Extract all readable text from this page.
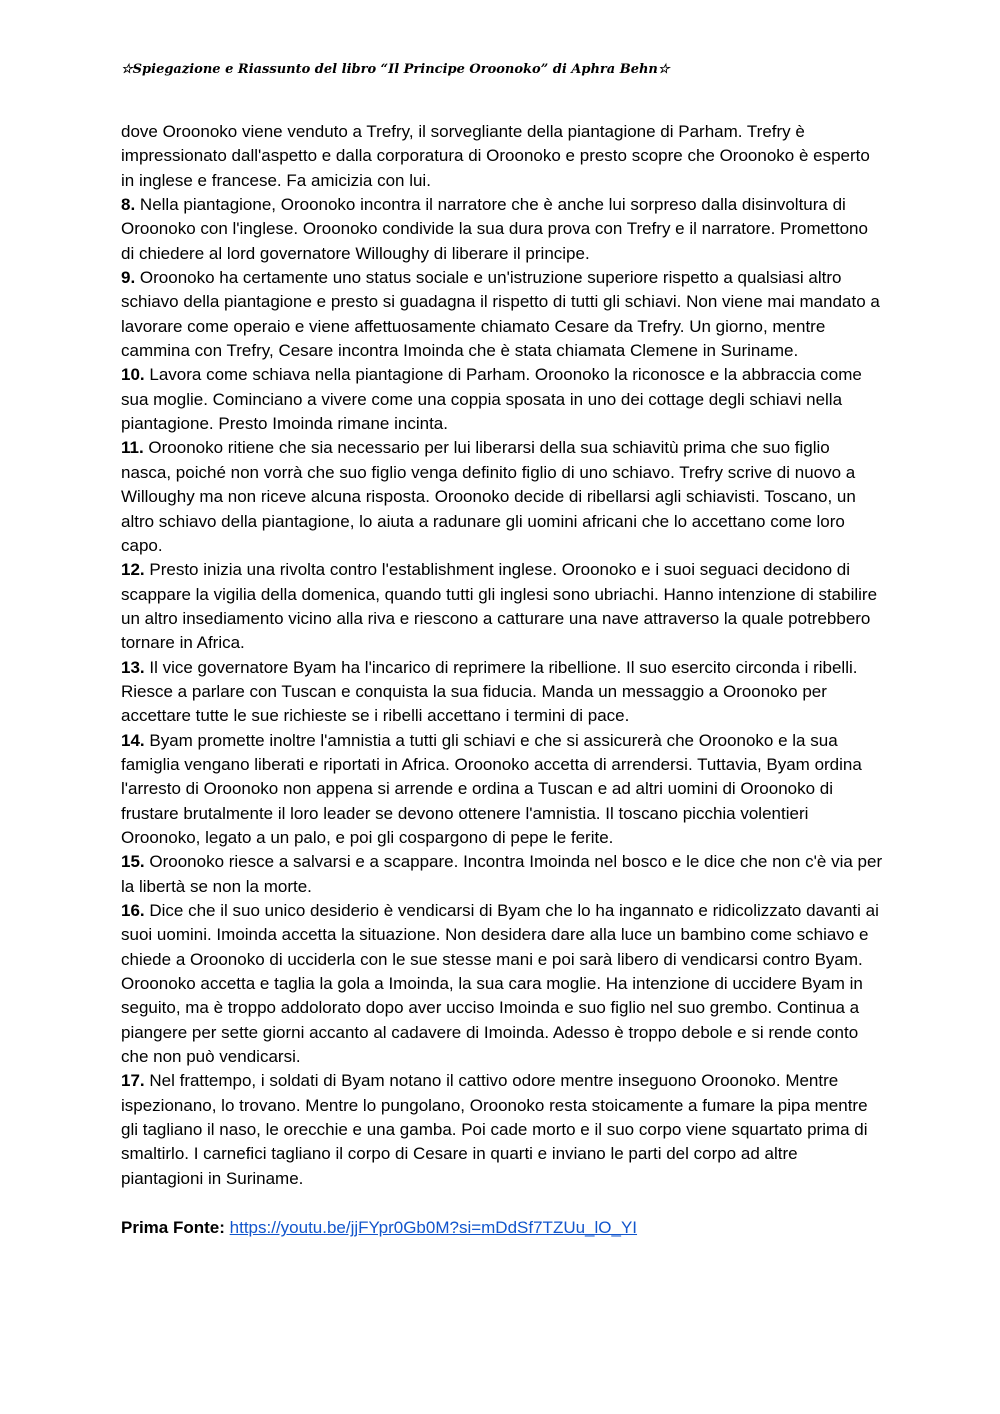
☆Spiegazione e Riassunto del libro “Il Principe Oroonoko” di Aphra Behn☆

dove Oroonoko viene venduto a Trefry, il sorvegliante della piantagione di Parham. Trefry è impressionato dall'aspetto e dalla corporatura di Oroonoko e presto scopre che Oroonoko è esperto in inglese e francese. Fa amicizia con lui.

8. Nella piantagione, Oroonoko incontra il narratore che è anche lui sorpreso dalla disinvoltura di Oroonoko con l'inglese. Oroonoko condivide la sua dura prova con Trefry e il narratore. Promettono di chiedere al lord governatore Willoughy di liberare il principe.

9. Oroonoko ha certamente uno status sociale e un'istruzione superiore rispetto a qualsiasi altro schiavo della piantagione e presto si guadagna il rispetto di tutti gli schiavi. Non viene mai mandato a lavorare come operaio e viene affettuosamente chiamato Cesare da Trefry. Un giorno, mentre cammina con Trefry, Cesare incontra Imoinda che è stata chiamata Clemene in Suriname.

10. Lavora come schiava nella piantagione di Parham. Oroonoko la riconosce e la abbraccia come sua moglie. Cominciano a vivere come una coppia sposata in uno dei cottage degli schiavi nella piantagione. Presto Imoinda rimane incinta.

11. Oroonoko ritiene che sia necessario per lui liberarsi della sua schiavitù prima che suo figlio nasca, poiché non vorrà che suo figlio venga definito figlio di uno schiavo. Trefry scrive di nuovo a Willoughy ma non riceve alcuna risposta. Oroonoko decide di ribellarsi agli schiavisti. Toscano, un altro schiavo della piantagione, lo aiuta a radunare gli uomini africani che lo accettano come loro capo.

12. Presto inizia una rivolta contro l'establishment inglese. Oroonoko e i suoi seguaci decidono di scappare la vigilia della domenica, quando tutti gli inglesi sono ubriachi. Hanno intenzione di stabilire un altro insediamento vicino alla riva e riescono a catturare una nave attraverso la quale potrebbero tornare in Africa.

13. Il vice governatore Byam ha l'incarico di reprimere la ribellione. Il suo esercito circonda i ribelli. Riesce a parlare con Tuscan e conquista la sua fiducia. Manda un messaggio a Oroonoko per accettare tutte le sue richieste se i ribelli accettano i termini di pace.

14. Byam promette inoltre l'amnistia a tutti gli schiavi e che si assicurerà che Oroonoko e la sua famiglia vengano liberati e riportati in Africa. Oroonoko accetta di arrendersi. Tuttavia, Byam ordina l'arresto di Oroonoko non appena si arrende e ordina a Tuscan e ad altri uomini di Oroonoko di frustare brutalmente il loro leader se devono ottenere l'amnistia. Il toscano picchia volentieri Oroonoko, legato a un palo, e poi gli cospargono di pepe le ferite.

15. Oroonoko riesce a salvarsi e a scappare. Incontra Imoinda nel bosco e le dice che non c'è via per la libertà se non la morte.

16. Dice che il suo unico desiderio è vendicarsi di Byam che lo ha ingannato e ridicolizzato davanti ai suoi uomini. Imoinda accetta la situazione. Non desidera dare alla luce un bambino come schiavo e chiede a Oroonoko di ucciderla con le sue stesse mani e poi sarà libero di vendicarsi contro Byam. Oroonoko accetta e taglia la gola a Imoinda, la sua cara moglie. Ha intenzione di uccidere Byam in seguito, ma è troppo addolorato dopo aver ucciso Imoinda e suo figlio nel suo grembo. Continua a piangere per sette giorni accanto al cadavere di Imoinda. Adesso è troppo debole e si rende conto che non può vendicarsi.

17. Nel frattempo, i soldati di Byam notano il cattivo odore mentre inseguono Oroonoko. Mentre ispezionano, lo trovano. Mentre lo pungolano, Oroonoko resta stoicamente a fumare la pipa mentre gli tagliano il naso, le orecchie e una gamba. Poi cade morto e il suo corpo viene squartato prima di smaltirlo. I carnefici tagliano il corpo di Cesare in quarti e inviano le parti del corpo ad altre piantagioni in Suriname.

Prima Fonte: https://youtu.be/jjFYpr0Gb0M?si=mDdSf7TZUu_lO_YI
